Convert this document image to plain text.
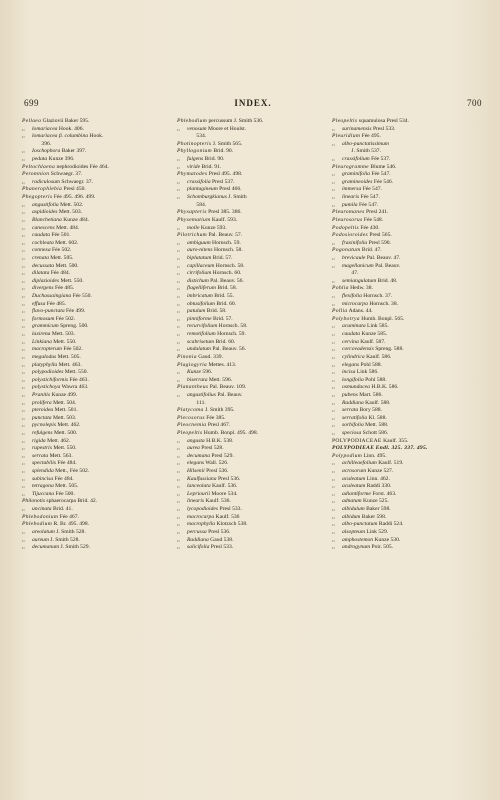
699	INDEX.	700
Pellaea Glaziovii Baker 595.
,, lomariacea Hook. 406.
,, lomariacea β. columbina Hook.
396.
,, Ioschophora Baker 397.
,, pedata Kunze 396.
Peltochlaena nephrodioides Fée 464.
Peromnion Schwaegr. 37.
,, radiculosum Schwaegr. 37.
Phanerophlebia Presl 450.
Phegopteris Fée 495. 496. 499.
,, angustifolia Mett. 502.
,, aspidioides Mett. 503.
,, Blanchetiana Kunze 484.
,, canescens Mett. 484.
,, caudata Fée 501.
,, cochleata Mett. 602.
,, connexa Fée 502.
,, crenata Mett. 505.
,, decussata Mett. 500.
,, dilatata Fée 484.
,, diplazioides Mett. 550.
,, divergens Fée 485.
,, Duchassaingiana Fée 550.
,, effusa Fée 485.
,, flavo-punctata Fée 499.
,, formosum Fée 502.
,, grammicum Spreng. 500.
,, laxirena Mett. 503.
,, Linkiana Mett. 550.
,, macropterum Fée 502.
,, megalodus Mett. 505.
,, platyphylla Mett. 463.
,, polypodioides Mett. 550.
,, polystichiformis Fée 463.
,, polystichoya Wawra 463.
,, Pranitis Kunze 499.
,, prolifera Mett. 504.
,, pteroidea Mett. 501.
,, punctata Mett. 503.
,, pycnolepis Mett. 462.
,, refulgens Mett. 500.
,, rigida Mett. 462.
,, rupestris Mett. 550.
,, serrata Mett. 563.
,, spectabilis Fée 484.
,, splendida Mett., Fée 502.
,, subincisa Fée 484.
,, tetragona Mett. 505.
,, Tijuccana Fée 500.
Philonotis sphaerocarpa Brid. 42.
,, uncinata Brid. 41.
Phlebodonium Fée 467.
Phlebodium R. Br. 495. 498.
,, areolatum J. Smith 528.
,, aureum J. Smith 528.
,, decumanum J. Smith 529.
Phlebodium percussum J. Smith 536.
,, venosum Moore et Houlst.
534.
Photinopteris J. Smith 565.
Phyllogonium Brid. 90.
,, fulgens Brid. 90.
,, viride Brid. 91.
Phymatodes Presl 495. 498.
,, crassifolia Presl 537.
,, plantagineum Presl 466.
,, Schomburgkianus J. Smith
584.
Physapteris Presl 385. 386.
Physematium Kaulf. 593.
,, molle Kunze 593.
Pilotrichum Pal. Beauv. 57.
,, ambiguum Hornsch. 59.
,, auro-nitens Hornsch. 58.
,, biplutatum Brid. 57.
,, capillaceum Hornsch. 58.
,, cirrifolium Hornsch. 60.
,, distichum Pal. Beauv. 56.
,, flagelliferum Brid. 58.
,, imbricatum Brid. 55.
,, obtusifolium Brid. 60.
,, patulum Brid. 58.
,, pinniforme Brid. 57.
,, recurvifolium Hornsch. 58.
,, remotifolium Hornsch. 59.
,, scabrisetum Brid. 60.
,, undulatum Pal. Beauv. 56.
Pinonia Gaud. 339.
Plagiogyria Mettes. 413.
,, Kunze 596.
,, biserrata Mett. 596.
Planantheus Pal. Beauv. 109.
,, angustifolius Pal. Beauv.
111.
Platycoma J. Smith 395.
Plecosorus Fée 385.
Pleocnemia Presl 467.
Pleopeltis Humb. Bonpl. 495. 498.
,, angusta H.B.K. 538.
,, aurea Presl 528.
,, decumana Presl 529.
,, elegans Wall. 526.
,, Hilsenii Presl 536.
,, Kaulfussiana Presl 536.
,, lanceolata Kaulf. 536.
,, Lepriourii Moore 534.
,, linearis Kaulf. 536.
,, lycopodioides Presl 533.
,, macrocarpa Kaulf. 536
,, macrophylla Klotzsch 538.
,, percussa Presl 536.
,, Raddiana Gaud 538.
,, salicifolia Presl 533.
Pleopeltis squamulosa Presl 534.
,, surinamensis Presl 533.
Pleuridium Fée 495.
,, albo-punctatissimum
J. Smith 537.
,, crassifolium Fée 537.
Pleurogramme Blume 546.
,, graminifolia Fée 547.
,, gramineoides Fée 546.
,, immersa Fée 547.
,, linearis Fée 547.
,, pumila Fée 547.
Pleuromanes Presl 241.
Pleurosorus Fée 548.
Podopeltis Fée 430.
Podosioroides Presl 565.
,, fraxinifolia Presl 590.
Pogonatum Brid. 47.
,, brevicaule Pal. Beauv. 47.
,, magellanicum Pal. Beauv.
47.
,, semiangulatum Brid. 48.
Pohlia Hedw. 38.
,, flexifolia Hornsch. 37.
,, microcarpa Hornsch. 38.
Pollia Adans. 44.
Polybotrya Humb. Bonpl. 565.
,, acuminata Link 585.
,, caudata Kunze 585.
,, cervina Kaulf. 587.
,, corcovadensis Spreng. 588.
,, cylindrica Kaulf. 586.
,, elegans Pohl 588.
,, incisa Link 586.
,, longifolia Pohl 588.
,, osmundacea H.B.K. 586.
,, pubens Mart. 586.
,, Raddiana Kaulf. 588.
,, serrata Bory 588.
,, serratifolia Kl. 588.
,, sorbifolia Mett. 588.
,, speciosa Schott 586.
POLYPODIACEAE Kaulf. 355.
POLYPODIEAE Endl. 325. 337. 495.
Polypodium Linn. 495.
,, achilleaefolium Kaulf. 519.
,, acrosorum Kunze 527.
,, aculeatum Linn. 462.
,, aculeatum Raddi 330.
,, adiantiforme Forst. 463.
,, adnatum Kunze 525.
,, albidulum Baker 598.
,, albidum Baker 598.
,, albo-punctatum Raddi 524.
,, alsopteum Link 529.
,, amphostemon Kunze 530.
,, androgynum Poir. 505.
